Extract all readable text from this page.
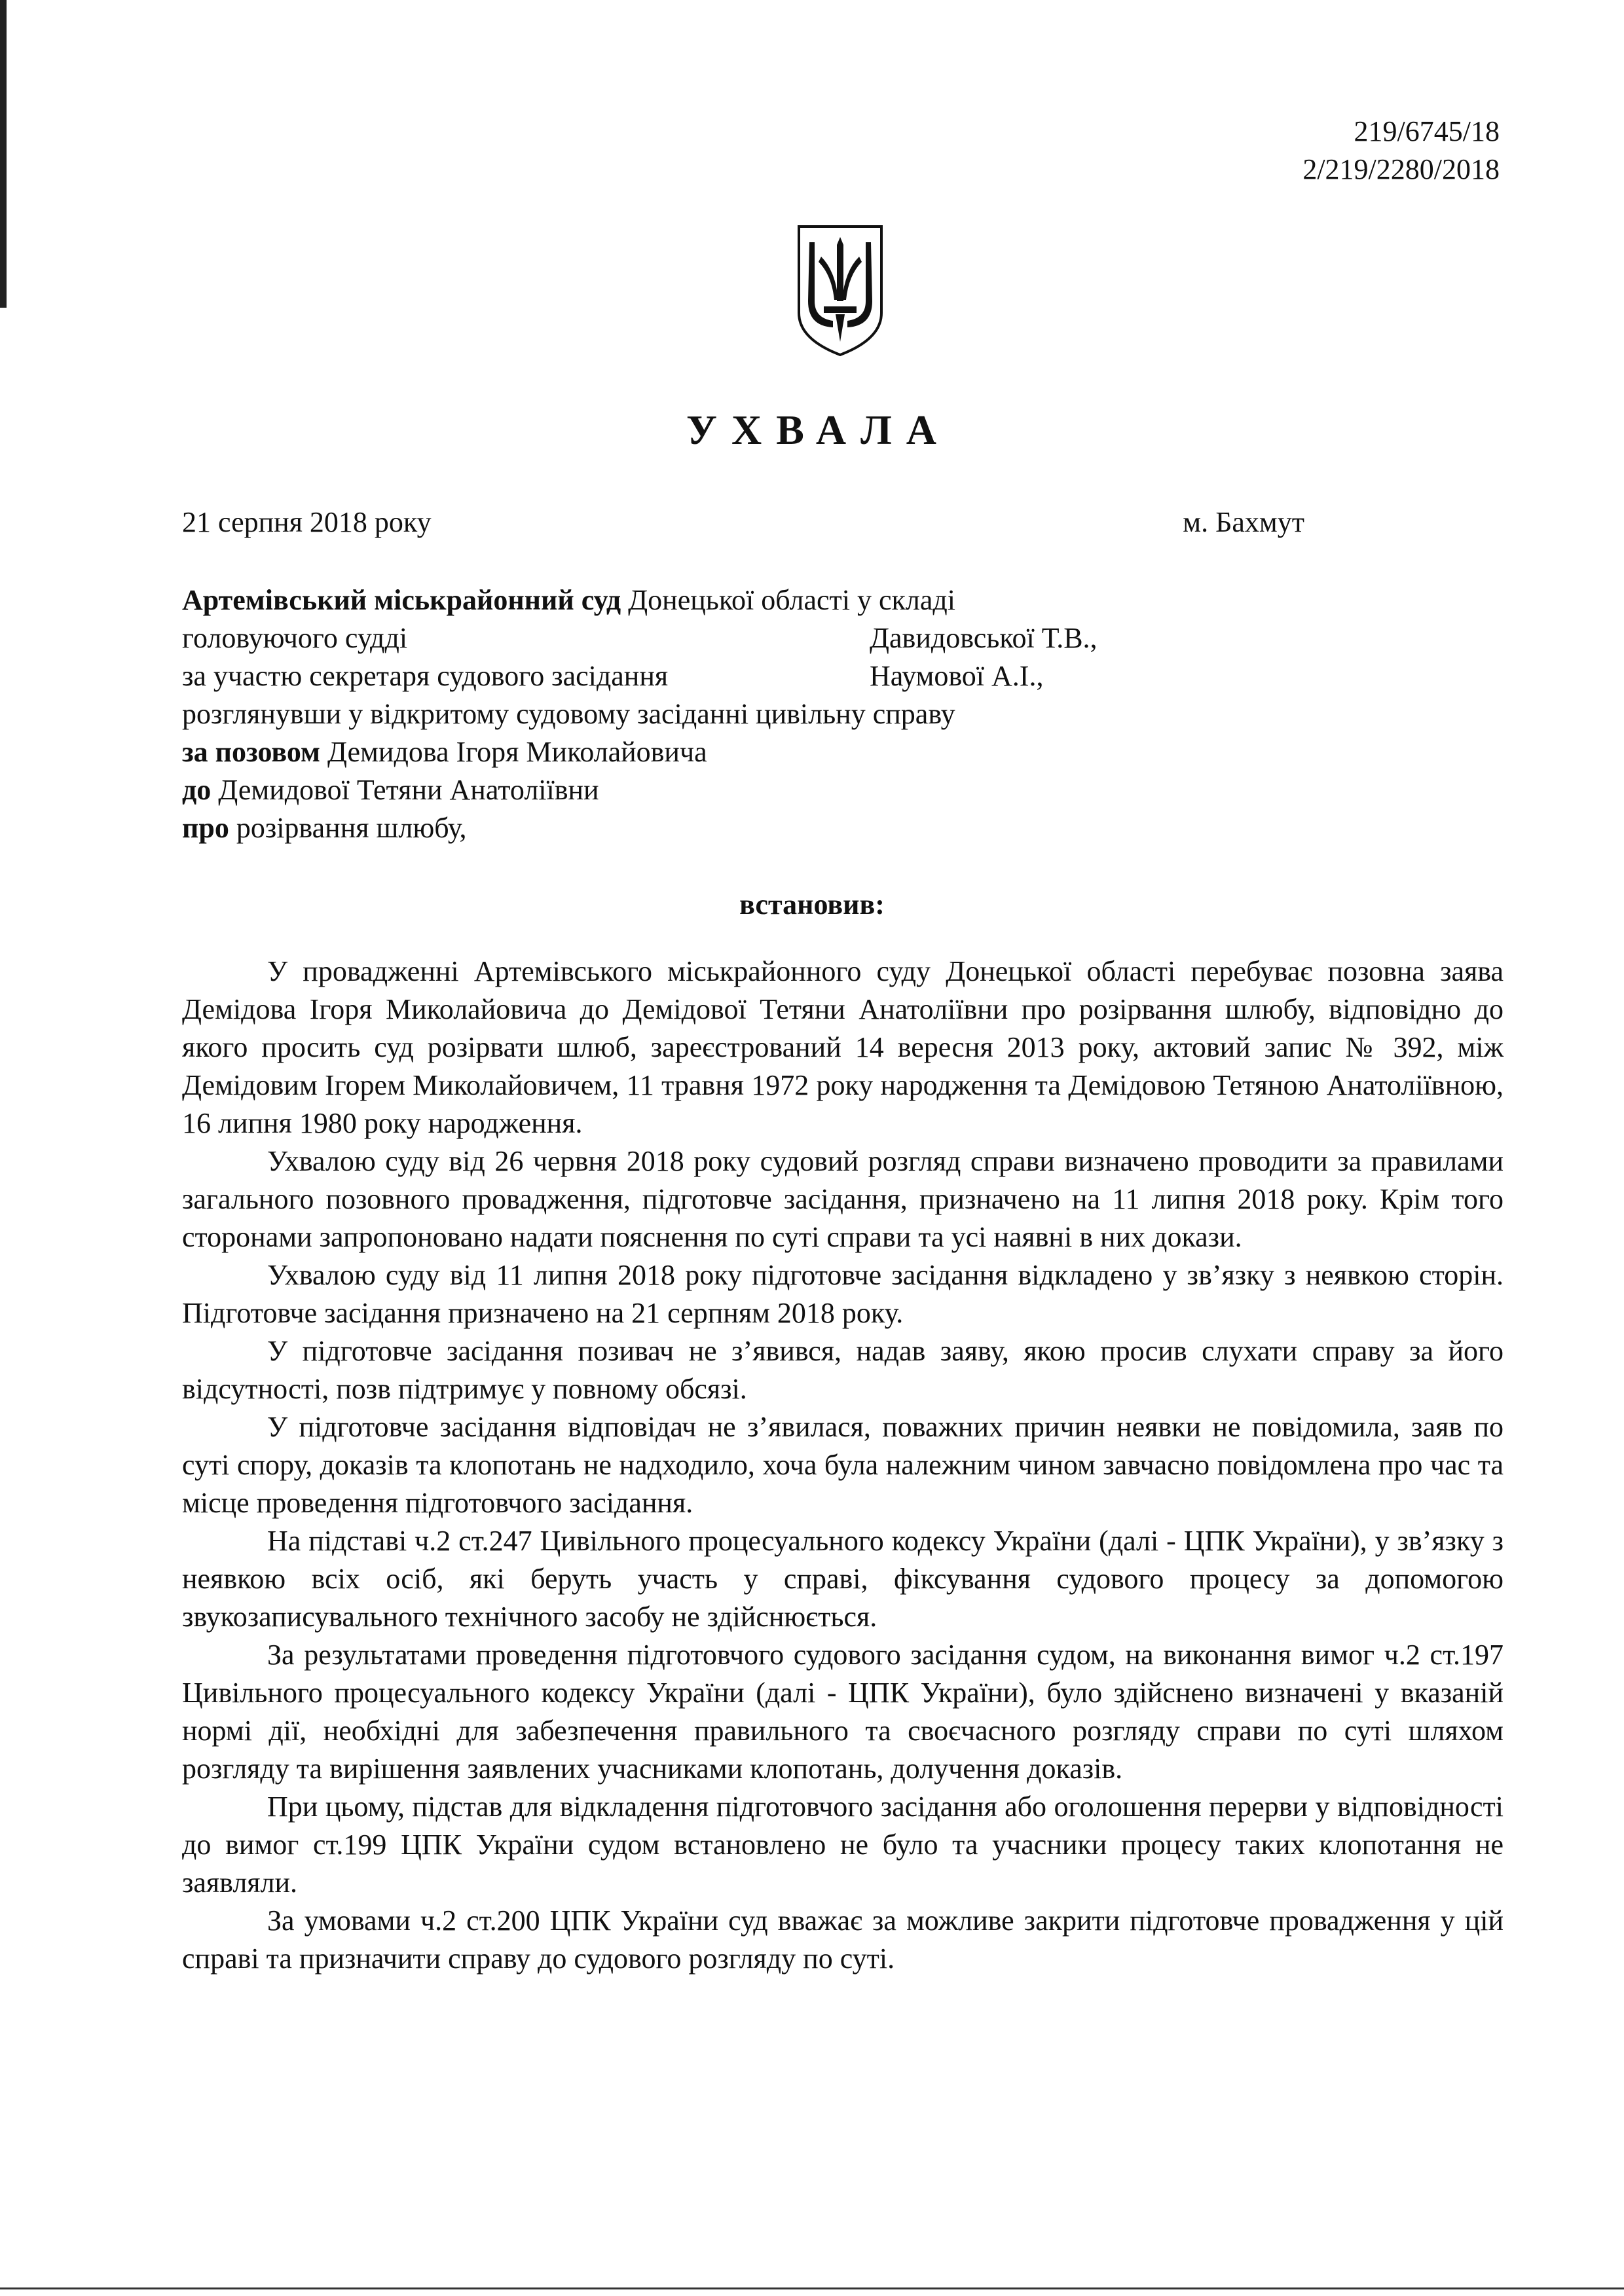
219/6745/18
2/219/2280/2018
УХВАЛА
21 серпня 2018 року	м. Бахмут
Артемівський міськрайонний суд Донецької області у складі
головуючого судді	Давидовської Т.В.,
за участю секретаря судового засідання	Наумової А.І.,
розглянувши у відкритому судовому засіданні цивільну справу
за позовом Демидова Ігоря Миколайовича
до Демидової Тетяни Анатоліївни
про розірвання шлюбу,
встановив:

У провадженні Артемівського міськрайонного суду Донецької області перебуває позовна заява Демідова Ігоря Миколайовича до Демідової Тетяни Анатоліївни про розірвання шлюбу, відповідно до якого просить суд розірвати шлюб, зареєстрований 14 вересня 2013 року, актовий запис № 392, між Демідовим Ігорем Миколайовичем, 11 травня 1972 року народження та Демідовою Тетяною Анатоліївною, 16 липня 1980 року народження.

Ухвалою суду від 26 червня 2018 року судовий розгляд справи визначено проводити за правилами загального позовного провадження, підготовче засідання, призначено на 11 липня 2018 року. Крім того сторонами запропоновано надати пояснення по суті справи та усі наявні в них докази.

Ухвалою суду від 11 липня 2018 року підготовче засідання відкладено у зв’язку з неявкою сторін. Підготовче засідання призначено на 21 серпням 2018 року.

У підготовче засідання позивач не з’явився, надав заяву, якою просив слухати справу за його відсутності, позв підтримує у повному обсязі.

У підготовче засідання відповідач не з’явилася, поважних причин неявки не повідомила, заяв по суті спору, доказів та клопотань не надходило, хоча була належним чином завчасно повідомлена про час та місце проведення підготовчого засідання.

На підставі ч.2 ст.247 Цивільного процесуального кодексу України (далі - ЦПК України), у зв’язку з неявкою всіх осіб, які беруть участь у справі, фіксування судового процесу за допомогою звукозаписувального технічного засобу не здійснюється.

За результатами проведення підготовчого судового засідання судом, на виконання вимог ч.2 ст.197 Цивільного процесуального кодексу України (далі - ЦПК України), було здійснено визначені у вказаній нормі дії, необхідні для забезпечення правильного та своєчасного розгляду справи по суті шляхом розгляду та вирішення заявлених учасниками клопотань, долучення доказів.

При цьому, підстав для відкладення підготовчого засідання або оголошення перерви у відповідності до вимог ст.199 ЦПК України судом встановлено не було та учасники процесу таких клопотання не заявляли.

За умовами ч.2 ст.200 ЦПК України суд вважає за можливе закрити підготовче провадження у цій справі та призначити справу до судового розгляду по суті.
